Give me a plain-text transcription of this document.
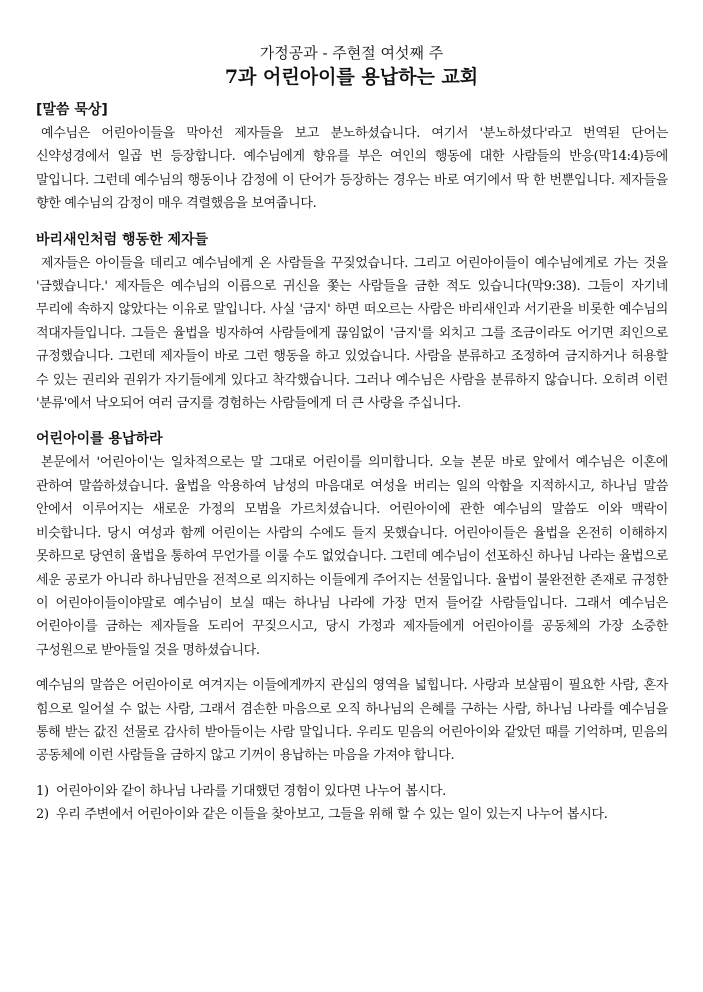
가정공과 - 주현절 여섯째 주

7과 어린아이를 용납하는 교회

[말씀 묵상]

예수님은 어린아이들을 막아선 제자들을 보고 분노하셨습니다. 여기서 '분노하셨다'라고 번역된 단어는 신약성경에서 일곱 번 등장합니다. 예수님에게 향유를 부은 여인의 행동에 대한 사람들의 반응(막14:4)등에 말입니다. 그런데 예수님의 행동이나 감정에 이 단어가 등장하는 경우는 바로 여기에서 딱 한 번뿐입니다. 제자들을 향한 예수님의 감정이 매우 격렬했음을 보여줍니다.

바리새인처럼 행동한 제자들

제자들은 아이들을 데리고 예수님에게 온 사람들을 꾸짖었습니다. 그리고 어린아이들이 예수님에게로 가는 것을 '금했습니다.' 제자들은 예수님의 이름으로 귀신을 쫓는 사람들을 금한 적도 있습니다(막9:38). 그들이 자기네 무리에 속하지 않았다는 이유로 말입니다. 사실 '금지' 하면 떠오르는 사람은 바리새인과 서기관을 비롯한 예수님의 적대자들입니다. 그들은 율법을 빙자하여 사람들에게 끊임없이 '금지'를 외치고 그를 조금이라도 어기면 죄인으로 규정했습니다. 그런데 제자들이 바로 그런 행동을 하고 있었습니다. 사람을 분류하고 조정하여 금지하거나 허용할 수 있는 권리와 권위가 자기들에게 있다고 착각했습니다. 그러나 예수님은 사람을 분류하지 않습니다. 오히려 이런 '분류'에서 낙오되어 여러 금지를 경험하는 사람들에게 더 큰 사랑을 주십니다.

어린아이를 용납하라

본문에서 '어린아이'는 일차적으로는 말 그대로 어린이를 의미합니다. 오늘 본문 바로 앞에서 예수님은 이혼에 관하여 말씀하셨습니다. 율법을 악용하여 남성의 마음대로 여성을 버리는 일의 악함을 지적하시고, 하나님 말씀 안에서 이루어지는 새로운 가정의 모범을 가르치셨습니다. 어린아이에 관한 예수님의 말씀도 이와 맥락이 비슷합니다. 당시 여성과 함께 어린이는 사람의 수에도 들지 못했습니다. 어린아이들은 율법을 온전히 이해하지 못하므로 당연히 율법을 통하여 무언가를 이룰 수도 없었습니다. 그런데 예수님이 선포하신 하나님 나라는 율법으로 세운 공로가 아니라 하나님만을 전적으로 의지하는 이들에게 주어지는 선물입니다. 율법이 불완전한 존재로 규정한 이 어린아이들이야말로 예수님이 보실 때는 하나님 나라에 가장 먼저 들어갈 사람들입니다. 그래서 예수님은 어린아이를 금하는 제자들을 도리어 꾸짖으시고, 당시 가정과 제자들에게 어린아이를 공동체의 가장 소중한 구성원으로 받아들일 것을 명하셨습니다.

예수님의 말씀은 어린아이로 여겨지는 이들에게까지 관심의 영역을 넓힙니다. 사랑과 보살핌이 필요한 사람, 혼자 힘으로 일어설 수 없는 사람, 그래서 겸손한 마음으로 오직 하나님의 은혜를 구하는 사람, 하나님 나라를 예수님을 통해 받는 값진 선물로 감사히 받아들이는 사람 말입니다. 우리도 믿음의 어린아이와 같았던 때를 기억하며, 믿음의 공동체에 이런 사람들을 금하지 않고 기꺼이 용납하는 마음을 가져야 합니다.

1) 어린아이와 같이 하나님 나라를 기대했던 경험이 있다면 나누어 봅시다.
2) 우리 주변에서 어린아이와 같은 이들을 찾아보고, 그들을 위해 할 수 있는 일이 있는지 나누어 봅시다.
